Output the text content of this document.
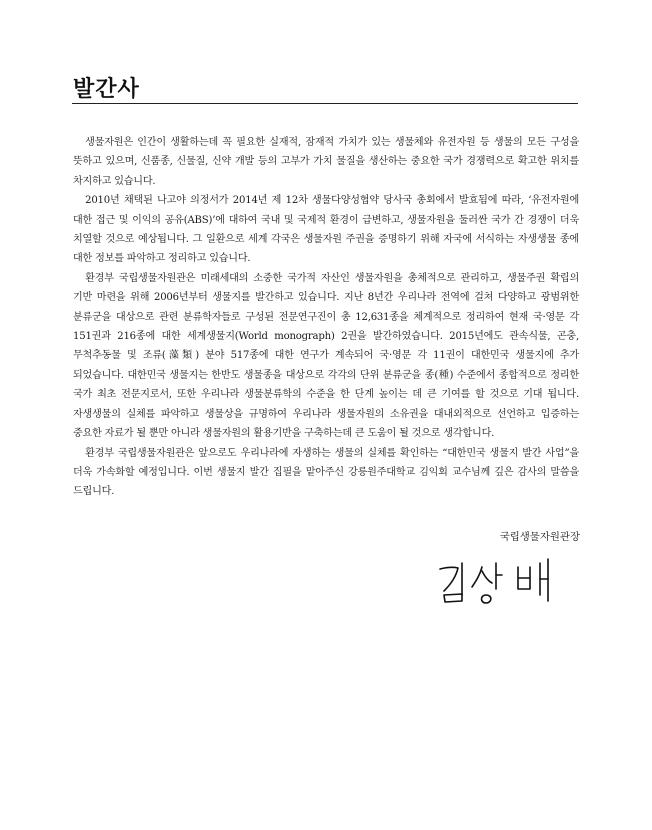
발간사

생물자원은 인간이 생활하는데 꼭 필요한 실재적, 잠재적 가치가 있는 생물체와 유전자원 등 생물의 모든 구성을 뜻하고 있으며, 신품종, 신물질, 신약 개발 등의 고부가 가치 물질을 생산하는 중요한 국가 경쟁력으로 확고한 위치를 차지하고 있습니다.

2010년 채택된 나고야 의정서가 2014년 제 12차 생물다양성협약 당사국 총회에서 발효됨에 따라, ‘유전자원에 대한 접근 및 이익의 공유(ABS)’에 대하여 국내 및 국제적 환경이 급변하고, 생물자원을 둘러싼 국가 간 경쟁이 더욱 치열할 것으로 예상됩니다. 그 일환으로 세계 각국은 생물자원 주권을 증명하기 위해 자국에 서식하는 자생생물 종에 대한 정보를 파악하고 정리하고 있습니다.

환경부 국립생물자원관은 미래세대의 소중한 국가적 자산인 생물자원을 총체적으로 관리하고, 생물주권 확립의 기반 마련을 위해 2006년부터 생물지를 발간하고 있습니다. 지난 8년간 우리나라 전역에 걸쳐 다양하고 광범위한 분류군을 대상으로 관련 분류학자들로 구성된 전문연구진이 총 12,631종을 체계적으로 정리하여 현재 국·영문 각 151권과 216종에 대한 세계생물지(World monograph) 2권을 발간하였습니다. 2015년에도 관속식물, 곤충, 무척추동물 및 조류(藻類) 분야 517종에 대한 연구가 계속되어 국·영문 각 11권이 대한민국 생물지에 추가 되었습니다. 대한민국 생물지는 한반도 생물종을 대상으로 각각의 단위 분류군을 종(種) 수준에서 종합적으로 정리한 국가 최초 전문지로서, 또한 우리나라 생물분류학의 수준을 한 단계 높이는 데 큰 기여를 할 것으로 기대 됩니다. 자생생물의 실체를 파악하고 생물상을 규명하여 우리나라 생물자원의 소유권을 대내외적으로 선언하고 입증하는 중요한 자료가 될 뿐만 아니라 생물자원의 활용기반을 구축하는데 큰 도움이 될 것으로 생각합니다.

환경부 국립생물자원관은 앞으로도 우리나라에 자생하는 생물의 실체를 확인하는 “대한민국 생물지 발간 사업”을 더욱 가속화할 예정입니다. 이번 생물지 발간 집필을 맡아주신 강릉원주대학교 김익회 교수님께 깊은 감사의 말씀을 드립니다.

국립생물자원관장
